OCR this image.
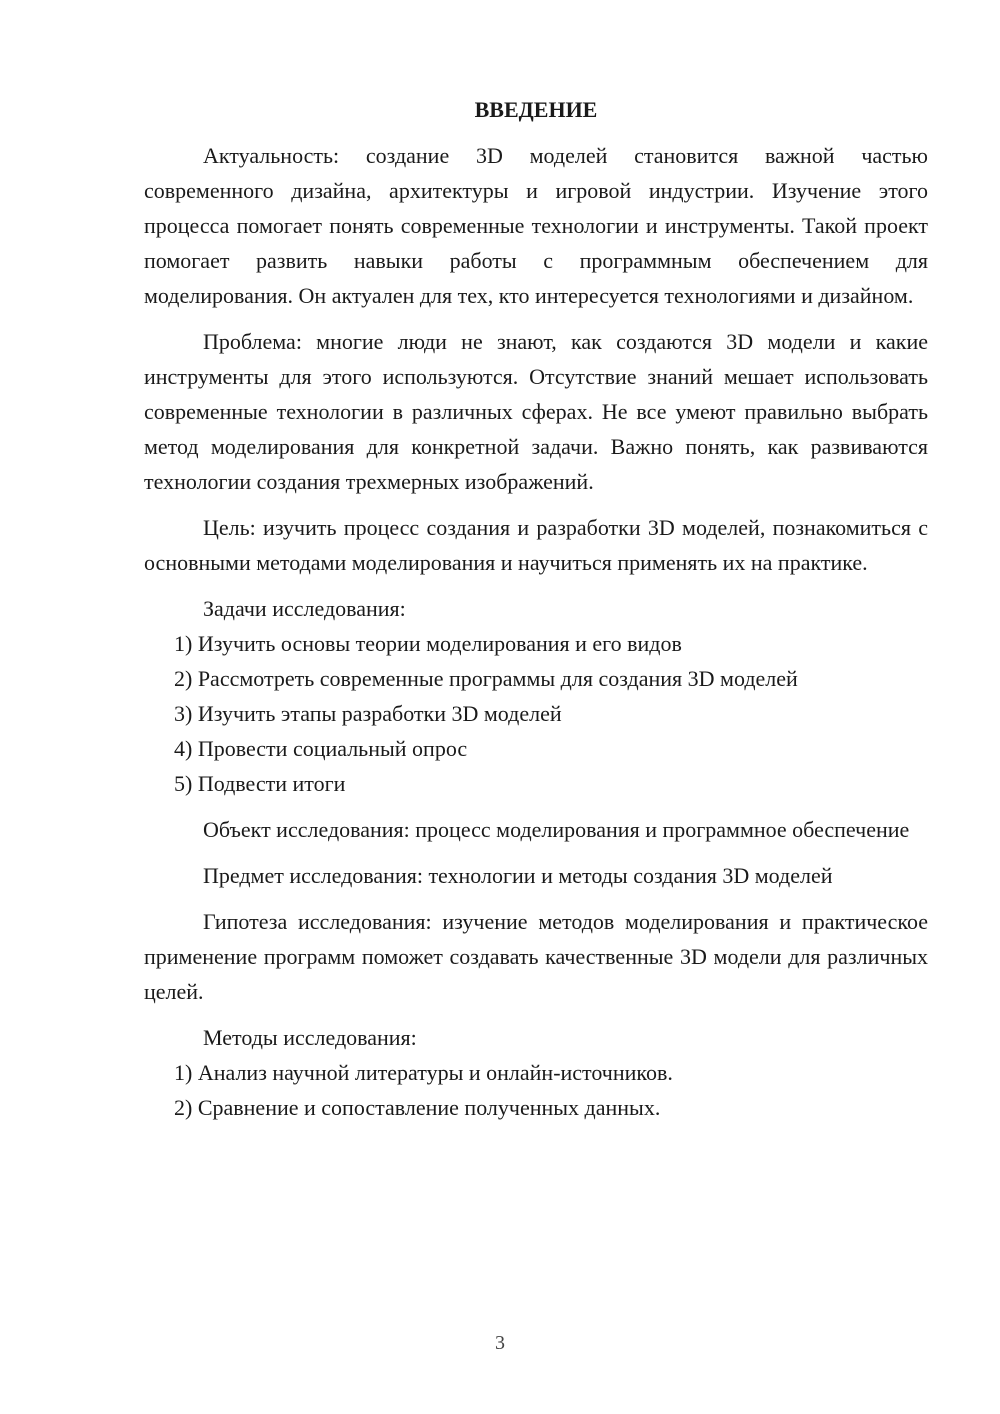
ВВЕДЕНИЕ

Актуальность: создание 3D моделей становится важной частью современного дизайна, архитектуры и игровой индустрии. Изучение этого процесса помогает понять современные технологии и инструменты. Такой проект помогает развить навыки работы с программным обеспечением для моделирования. Он актуален для тех, кто интересуется технологиями и дизайном.

Проблема: многие люди не знают, как создаются 3D модели и какие инструменты для этого используются. Отсутствие знаний мешает использовать современные технологии в различных сферах. Не все умеют правильно выбрать метод моделирования для конкретной задачи. Важно понять, как развиваются технологии создания трехмерных изображений.

Цель: изучить процесс создания и разработки 3D моделей, познакомиться с основными методами моделирования и научиться применять их на практике.

Задачи исследования:

1) Изучить основы теории моделирования и его видов

2) Рассмотреть современные программы для создания 3D моделей

3) Изучить этапы разработки 3D моделей

4) Провести социальный опрос

5) Подвести итоги

Объект исследования: процесс моделирования и программное обеспечение

Предмет исследования: технологии и методы создания 3D моделей

Гипотеза исследования: изучение методов моделирования и практическое применение программ поможет создавать качественные 3D модели для различных целей.

Методы исследования:

1) Анализ научной литературы и онлайн-источников.

2) Сравнение и сопоставление полученных данных.

3
